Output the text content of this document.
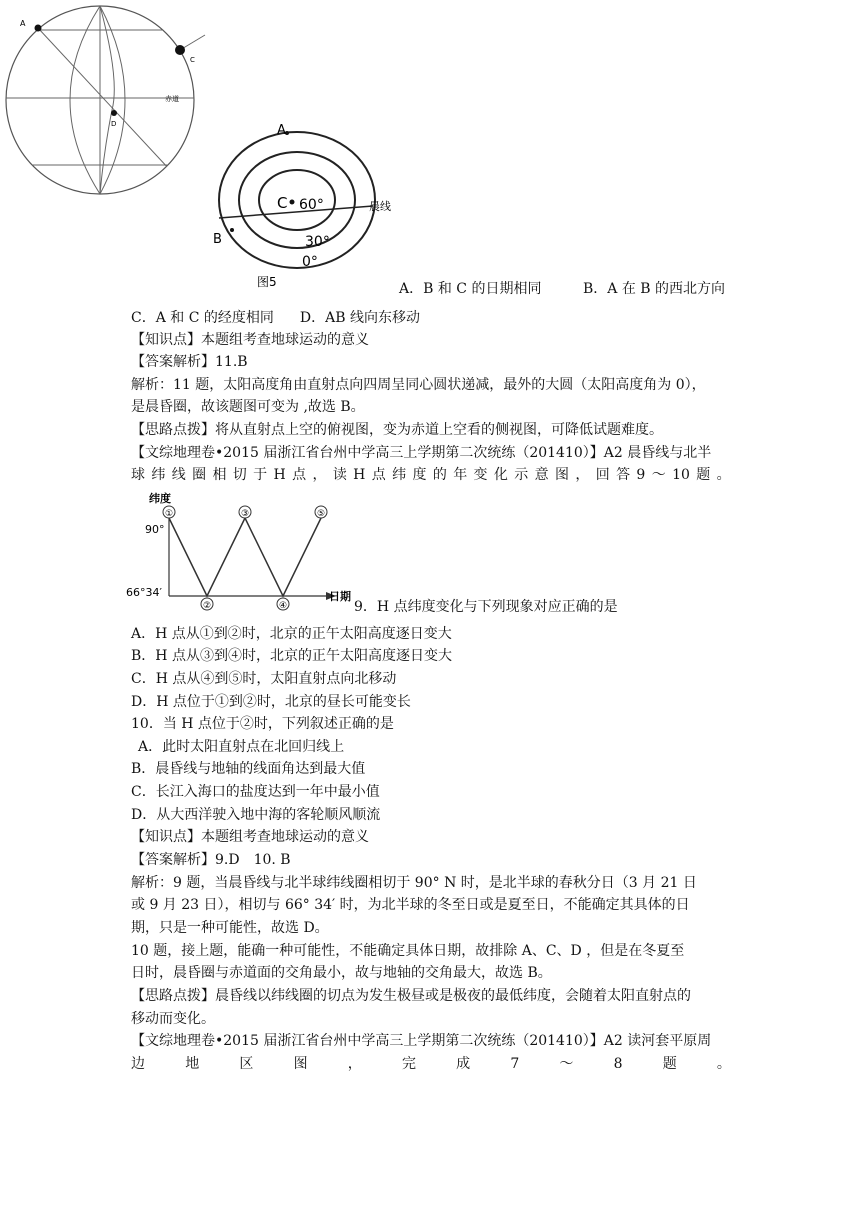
A
C
D
赤道
A
B
C 60°
30°
0°
晨线
图5	A．B 和 C 的日期相同	B．A 在 B 的西北方向
C．A 和 C 的经度相同 D．AB 线向东移动
【知识点】本题组考查地球运动的意义
【答案解析】11.B
解析：11 题，太阳高度角由直射点向四周呈同心圆状递减，最外的大圆（太阳高度角为 0），
是晨昏圈，故该题图可变为 ,故选 B。
【思路点拨】将从直射点上空的俯视图，变为赤道上空看的侧视图，可降低试题难度。
【文综地理卷•2015 届浙江省台州中学高三上学期第二次统练（201410）】A2 晨昏线与北半
球 纬 线 圈 相 切 于 H 点 ， 读 H 点 纬 度 的 年 变 化 示 意 图 ， 回 答 9 ～ 10 题 。
纬度
日期
90°
66°34′
①
②
③
④
⑤
9．H 点纬度变化与下列现象对应正确的是
A．H 点从①到②时，北京的正午太阳高度逐日变大
B．H 点从③到④时，北京的正午太阳高度逐日变大
C．H 点从④到⑤时，太阳直射点向北移动
D．H 点位于①到②时，北京的昼长可能变长
10．当 H 点位于②时，下列叙述正确的是
A．此时太阳直射点在北回归线上
B．晨昏线与地轴的线面角达到最大值
C．长江入海口的盐度达到一年中最小值
D．从大西洋驶入地中海的客轮顺风顺流
【知识点】本题组考查地球运动的意义
【答案解析】9.D　10. B
解析：9 题，当晨昏线与北半球纬线圈相切于 90° N 时，是北半球的春秋分日（3 月 21 日
或 9 月 23 日），相切与 66° 34′ 时，为北半球的冬至日或是夏至日，不能确定其具体的日
期，只是一种可能性，故选 D。
10 题，接上题，能确一种可能性，不能确定具体日期，故排除 A、C、D ，但是在冬夏至
日时，晨昏圈与赤道面的交角最小，故与地轴的交角最大，故选 B。
【思路点拨】晨昏线以纬线圈的切点为发生极昼或是极夜的最低纬度，会随着太阳直射点的
移动而变化。
【文综地理卷•2015 届浙江省台州中学高三上学期第二次统练（201410）】A2 读河套平原周
边	地	区	图	，	完	成	7	～	8	题	。
